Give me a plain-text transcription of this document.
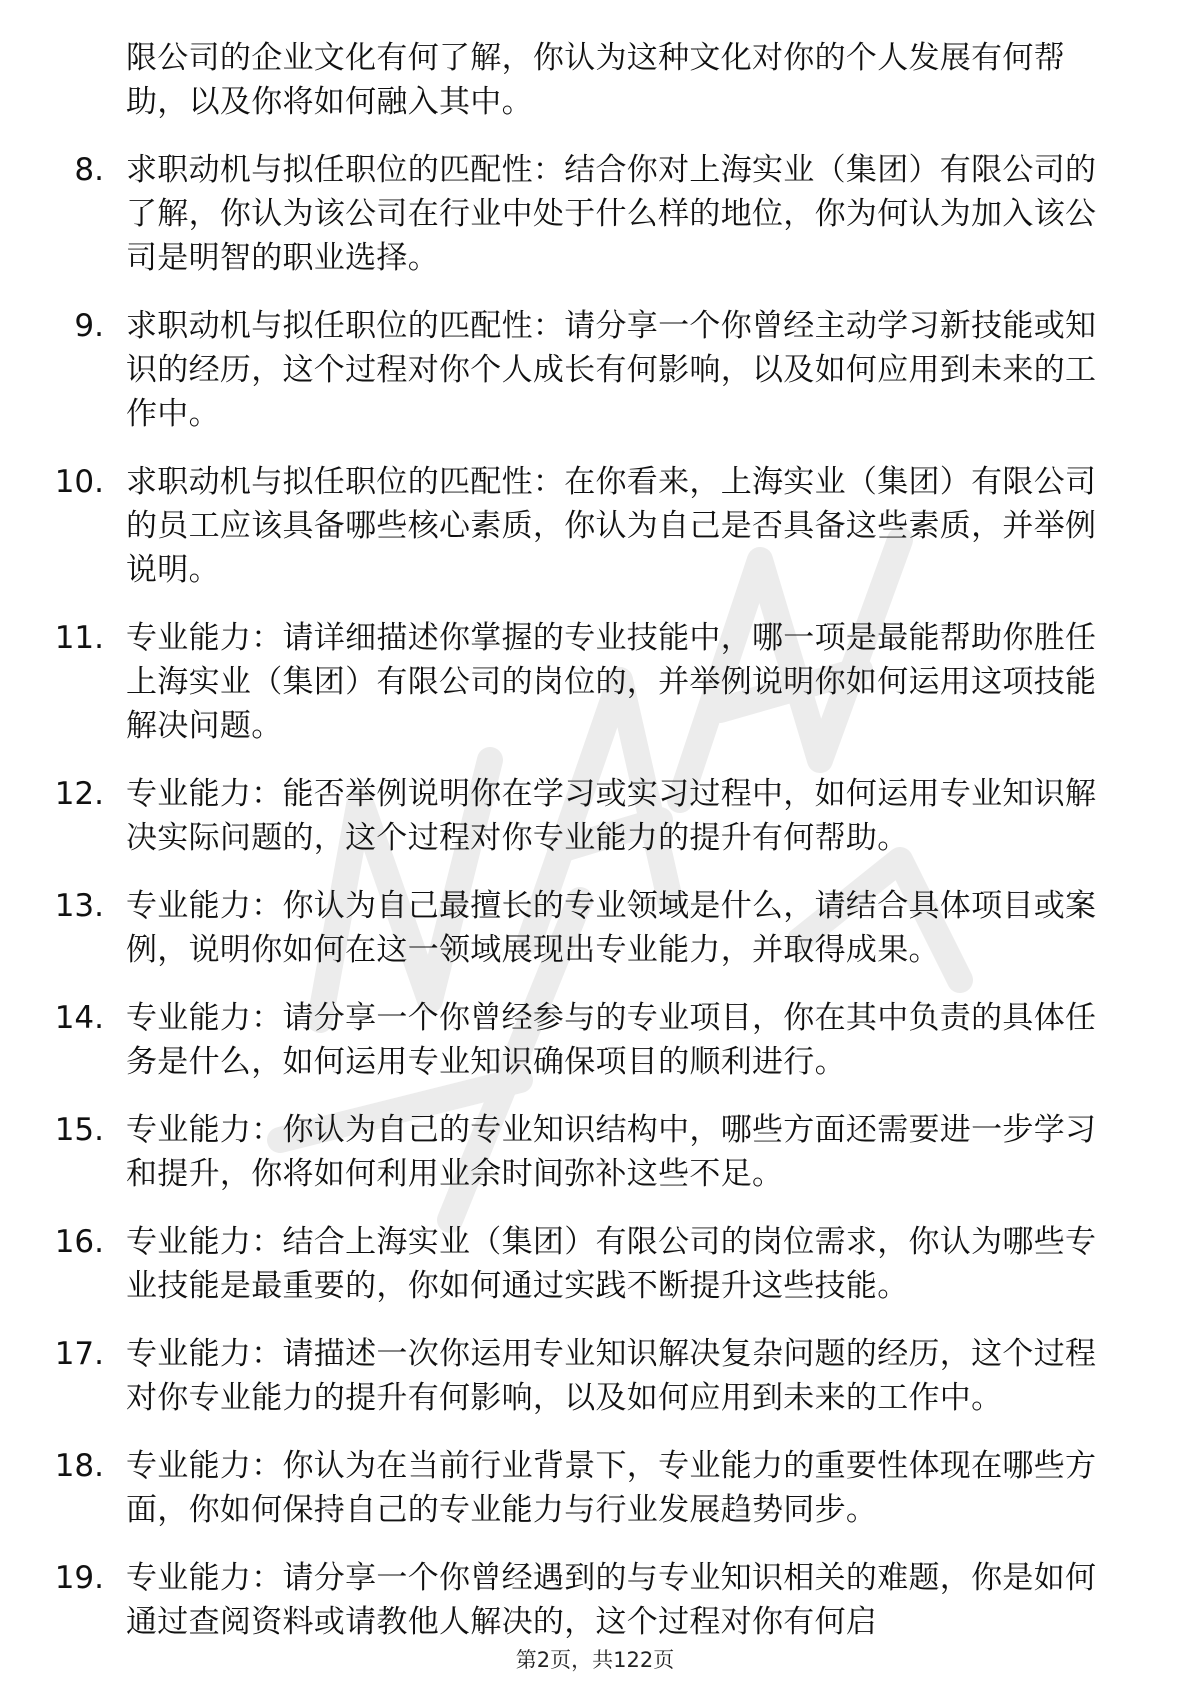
限公司的企业文化有何了解，你认为这种文化对你的个人发展有何帮助，以及你将如何融入其中。
8. 求职动机与拟任职位的匹配性：结合你对上海实业（集团）有限公司的了解，你认为该公司在行业中处于什么样的地位，你为何认为加入该公司是明智的职业选择。
9. 求职动机与拟任职位的匹配性：请分享一个你曾经主动学习新技能或知识的经历，这个过程对你个人成长有何影响，以及如何应用到未来的工作中。
10. 求职动机与拟任职位的匹配性：在你看来，上海实业（集团）有限公司的员工应该具备哪些核心素质，你认为自己是否具备这些素质，并举例说明。
11. 专业能力：请详细描述你掌握的专业技能中，哪一项是最能帮助你胜任上海实业（集团）有限公司的岗位的，并举例说明你如何运用这项技能解决问题。
12. 专业能力：能否举例说明你在学习或实习过程中，如何运用专业知识解决实际问题的，这个过程对你专业能力的提升有何帮助。
13. 专业能力：你认为自己最擅长的专业领域是什么，请结合具体项目或案例，说明你如何在这一领域展现出专业能力，并取得成果。
14. 专业能力：请分享一个你曾经参与的专业项目，你在其中负责的具体任务是什么，如何运用专业知识确保项目的顺利进行。
15. 专业能力：你认为自己的专业知识结构中，哪些方面还需要进一步学习和提升，你将如何利用业余时间弥补这些不足。
16. 专业能力：结合上海实业（集团）有限公司的岗位需求，你认为哪些专业技能是最重要的，你如何通过实践不断提升这些技能。
17. 专业能力：请描述一次你运用专业知识解决复杂问题的经历，这个过程对你专业能力的提升有何影响，以及如何应用到未来的工作中。
18. 专业能力：你认为在当前行业背景下，专业能力的重要性体现在哪些方面，你如何保持自己的专业能力与行业发展趋势同步。
19. 专业能力：请分享一个你曾经遇到的与专业知识相关的难题，你是如何通过查阅资料或请教他人解决的，这个过程对你有何启
第2页，共122页
